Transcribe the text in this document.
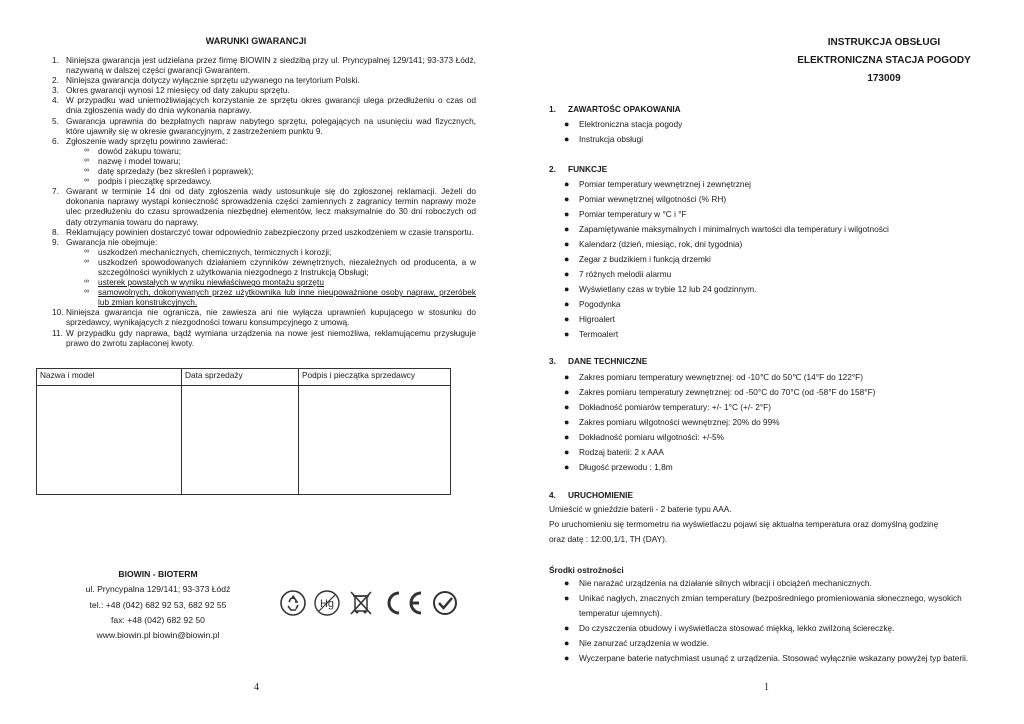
WARUNKI GWARANCJI
1. Niniejsza gwarancja jest udzielana przez firmę BIOWIN z siedzibą przy ul. Pryncypalnej 129/141; 93-373 Łódź, nazywaną w dalszej części gwarancji Gwarantem.
2. Niniejsza gwarancja dotyczy wyłącznie sprzętu używanego na terytorium Polski.
3. Okres gwarancji wynosi 12 miesięcy od daty zakupu sprzętu.
4. W przypadku wad uniemożliwiających korzystanie ze sprzętu okres gwarancji ulega przedłużeniu o czas od dnia zgłoszenia wady do dnia wykonania naprawy.
5. Gwarancja uprawnia do bezpłatnych napraw nabytego sprzętu, polegających na usunięciu wad fizycznych, które ujawniły się w okresie gwarancyjnym, z zastrzeżeniem punktu 9.
6. Zgłoszenie wady sprzętu powinno zawierać:
∞	dowód zakupu towaru;
∞	nazwę i model towaru;
∞	datę sprzedaży (bez skreśleń i poprawek);
∞	podpis i pieczątkę sprzedawcy.
7. Gwarant w terminie 14 dni od daty zgłoszenia wady ustosunkuje się do zgłoszonej reklamacji. Jeżeli do dokonania naprawy wystąpi konieczność sprowadzenia części zamiennych z zagranicy termin naprawy może ulec przedłużeniu do czasu sprowadzenia niezbędnej elementów, lecz maksymalnie do 30 dni roboczych od daty otrzymania towaru do naprawy.
8. Reklamujący powinien dostarczyć towar odpowiednio zabezpieczony przed uszkodzeniem w czasie transportu.
9. Gwarancja nie obejmuje:
∞	uszkodzeń mechanicznych, chemicznych, termicznych i korozji;
∞	uszkodzeń spowodowanych działaniem czynników zewnętrznych, niezależnych od producenta, a w szczególności wynikłych z użytkowania niezgodnego z Instrukcją Obsługi;
∞	usterek powstałych w wyniku niewłaściwego montażu sprzętu
∞	samowolnych, dokonywanych przez użytkownika lub inne nieupoważnione osoby napraw, przeróbek lub zmian konstrukcyjnych.
10. Niniejsza gwarancja nie ogranicza, nie zawiesza ani nie wyłącza uprawnień kupującego w stosunku do sprzedawcy, wynikających z niezgodności towaru konsumpcyjnego z umową.
11. W przypadku gdy naprawa, bądź wymiana urządzenia na nowe jest niemożliwa, reklamującemu przysługuje prawo do zwrotu zapłaconej kwoty.
Nazwa i model	Data sprzedaży	Podpis i pieczątka sprzedawcy

BIOWIN - BIOTERM
ul. Pryncypalna 129/141; 93-373 Łódź
tel.: +48 (042) 682 92 53, 682 92 55
fax: +48 (042) 682 92 50
www.biowin.pl biowin@biowin.pl
Hg
4
INSTRUKCJA OBSŁUGI
ELEKTRONICZNA STACJA POGODY
173009
1. ZAWARTOŚC OPAKOWANIA
●	Elektroniczna stacja pogody
●	Instrukcja obsługi
2. FUNKCJE
●	Pomiar temperatury wewnętrznej i zewnętrznej
●	Pomiar wewnętrznej wilgotności (% RH)
●	Pomiar temperatury w °C i °F
●	Zapamiętywanie maksymalnych i minimalnych wartości dla temperatury i wilgotności
●	Kalendarz (dzień, miesiąc, rok, dni tygodnia)
●	Zegar z budzikiem i funkcją drzemki
●	7 różnych melodii alarmu
●	Wyświetlany czas w trybie 12 lub 24 godzinnym.
●	Pogodynka
●	Higroalert
●	Termoalert
3. DANE TECHNICZNE
●	Zakres pomiaru temperatury wewnętrznej: od -10℃ do 50℃ (14°F do 122°F)
●	Zakres pomiaru temperatury zewnętrznej: od -50°C do 70°C (od -58°F do 158°F)
●	Dokładność pomiarów temperatury: +/- 1°C (+/- 2°F)
●	Zakres pomiaru wilgotności wewnętrznej: 20% do 99%
●	Dokładność pomiaru wilgotności: +/-5%
●	Rodzaj baterii: 2 x AAA
●	Długość przewodu : 1,8m
4. URUCHOMIENIE
Umieścić w gnieździe baterii - 2 baterie typu AAA.
Po uruchomieniu się termometru na wyświetlaczu pojawi się aktualna temperatura oraz domyślną godzinę
oraz datę : 12:00,1/1, TH (DAY).
Środki ostrożności
●	Nie narażać urządzenia na działanie silnych wibracji i obciążeń mechanicznych.
●	Unikać nagłych, znacznych zmian temperatury (bezpośredniego promieniowania słonecznego, wysokich temperatur ujemnych).
●	Do czyszczenia obudowy i wyświetlacza stosować miękką, lekko zwilżoną ściereczkę.
●	Nie zanurzać urządzenia w wodzie.
●	Wyczerpane baterie natychmiast usunąć z urządzenia. Stosować wyłącznie wskazany powyżej typ baterii.
1
